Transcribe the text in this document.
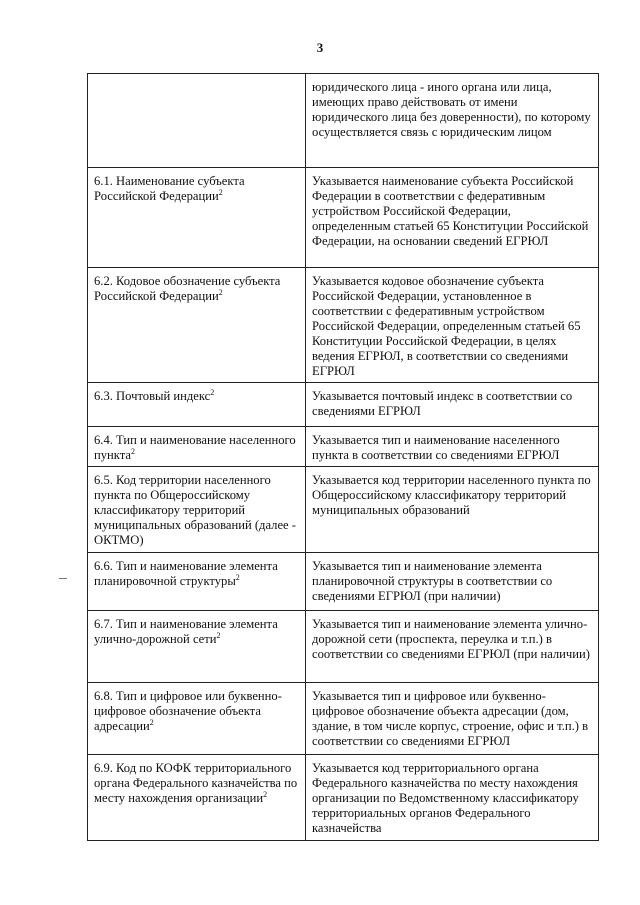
3
	юридического лица - иного органа или лица, имеющих право действовать от имени юридического лица без доверенности), по которому осуществляется связь с юридическим лицом
6.1. Наименование субъекта Российской Федерации$^2$	Указывается наименование субъекта Российской Федерации в соответствии с федеративным устройством Российской Федерации, определенным статьей 65 Конституции Российской Федерации, на основании сведений ЕГРЮЛ
6.2. Кодовое обозначение субъекта Российской Федерации$^2$	Указывается кодовое обозначение субъекта Российской Федерации, установленное в соответствии с федеративным устройством Российской Федерации, определенным статьей 65 Конституции Российской Федерации, в целях ведения ЕГРЮЛ, в соответствии со сведениями ЕГРЮЛ
6.3. Почтовый индекс$^2$	Указывается почтовый индекс в соответствии со сведениями ЕГРЮЛ
6.4. Тип и наименование населенного пункта$^2$	Указывается тип и наименование населенного пункта в соответствии со сведениями ЕГРЮЛ
6.5. Код территории населенного пункта по Общероссийскому классификатору территорий муниципальных образований (далее - ОКТМО)	Указывается код территории населенного пункта по Общероссийскому классификатору территорий муниципальных образований
6.6. Тип и наименование элемента планировочной структуры$^2$	Указывается тип и наименование элемента планировочной структуры в соответствии со сведениями ЕГРЮЛ (при наличии)
6.7. Тип и наименование элемента улично-дорожной сети$^2$	Указывается тип и наименование элемента улично-дорожной сети (проспекта, переулка и т.п.) в соответствии со сведениями ЕГРЮЛ (при наличии)
6.8. Тип и цифровое или буквенно-цифровое обозначение объекта адресации$^2$	Указывается тип и цифровое или буквенно-цифровое обозначение объекта адресации (дом, здание, в том числе корпус, строение, офис и т.п.) в соответствии со сведениями ЕГРЮЛ
6.9. Код по КОФК территориального органа Федерального казначейства по месту нахождения организации$^2$	Указывается код территориального органа Федерального казначейства по месту нахождения организации по Ведомственному классификатору территориальных органов Федерального казначейства
